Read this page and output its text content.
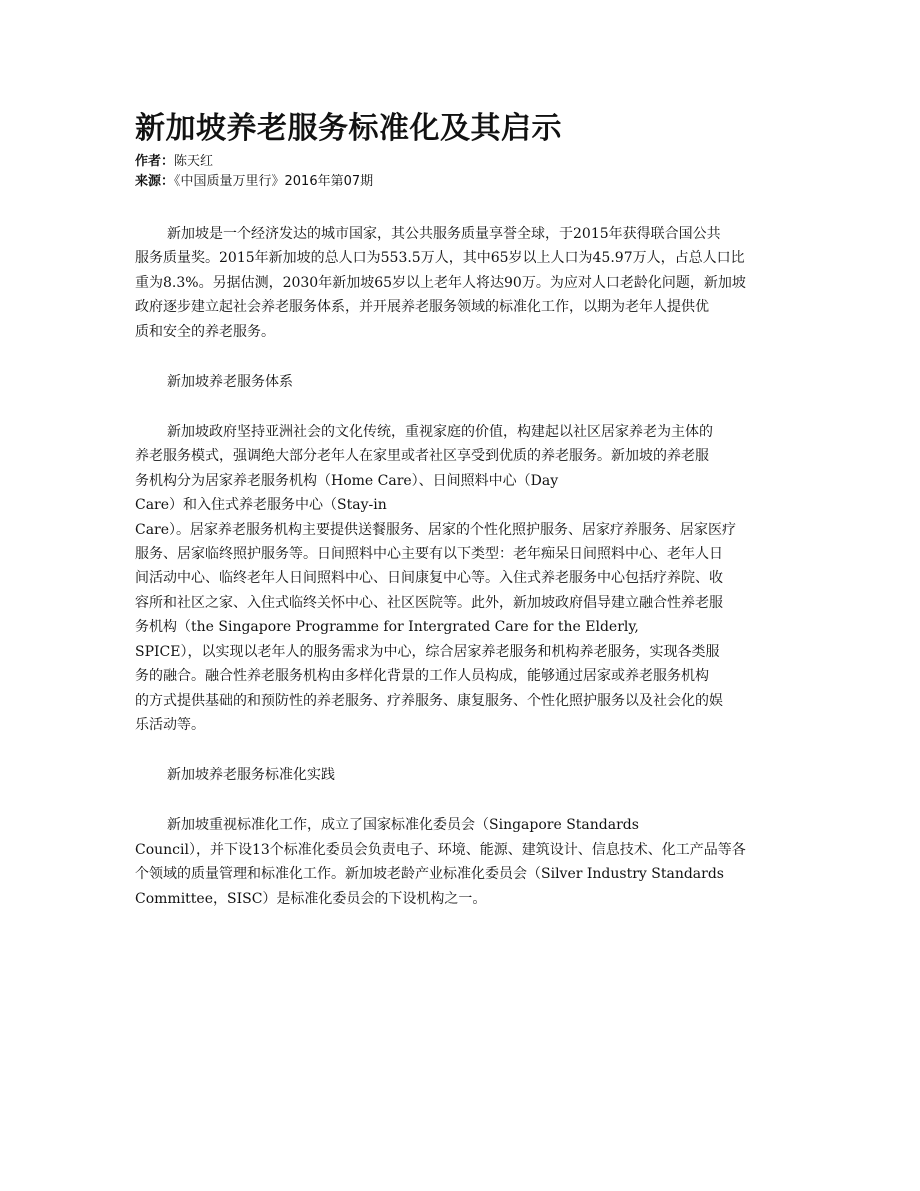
新加坡养老服务标准化及其启示
作者：陈天红
来源：《中国质量万里行》2016年第07期

新加坡是一个经济发达的城市国家，其公共服务质量享誉全球，于2015年获得联合国公共
服务质量奖。2015年新加坡的总人口为553.5万人，其中65岁以上人口为45.97万人，占总人口比
重为8.3%。另据估测，2030年新加坡65岁以上老年人将达90万。为应对人口老龄化问题，新加坡
政府逐步建立起社会养老服务体系，并开展养老服务领域的标准化工作，以期为老年人提供优
质和安全的养老服务。

新加坡养老服务体系

新加坡政府坚持亚洲社会的文化传统，重视家庭的价值，构建起以社区居家养老为主体的
养老服务模式，强调绝大部分老年人在家里或者社区享受到优质的养老服务。新加坡的养老服
务机构分为居家养老服务机构（Home Care）、日间照料中心（Day
Care）和入住式养老服务中心（Stay-in
Care）。居家养老服务机构主要提供送餐服务、居家的个性化照护服务、居家疗养服务、居家医疗
服务、居家临终照护服务等。日间照料中心主要有以下类型：老年痴呆日间照料中心、老年人日
间活动中心、临终老年人日间照料中心、日间康复中心等。入住式养老服务中心包括疗养院、收
容所和社区之家、入住式临终关怀中心、社区医院等。此外，新加坡政府倡导建立融合性养老服
务机构（the Singapore Programme for Intergrated Care for the Elderly,
SPICE），以实现以老年人的服务需求为中心，综合居家养老服务和机构养老服务，实现各类服
务的融合。融合性养老服务机构由多样化背景的工作人员构成，能够通过居家或养老服务机构
的方式提供基础的和预防性的养老服务、疗养服务、康复服务、个性化照护服务以及社会化的娱
乐活动等。

新加坡养老服务标准化实践

新加坡重视标准化工作，成立了国家标准化委员会（Singapore Standards
Council），并下设13个标准化委员会负责电子、环境、能源、建筑设计、信息技术、化工产品等各
个领域的质量管理和标准化工作。新加坡老龄产业标准化委员会（Silver Industry Standards
Committee，SISC）是标准化委员会的下设机构之一。
